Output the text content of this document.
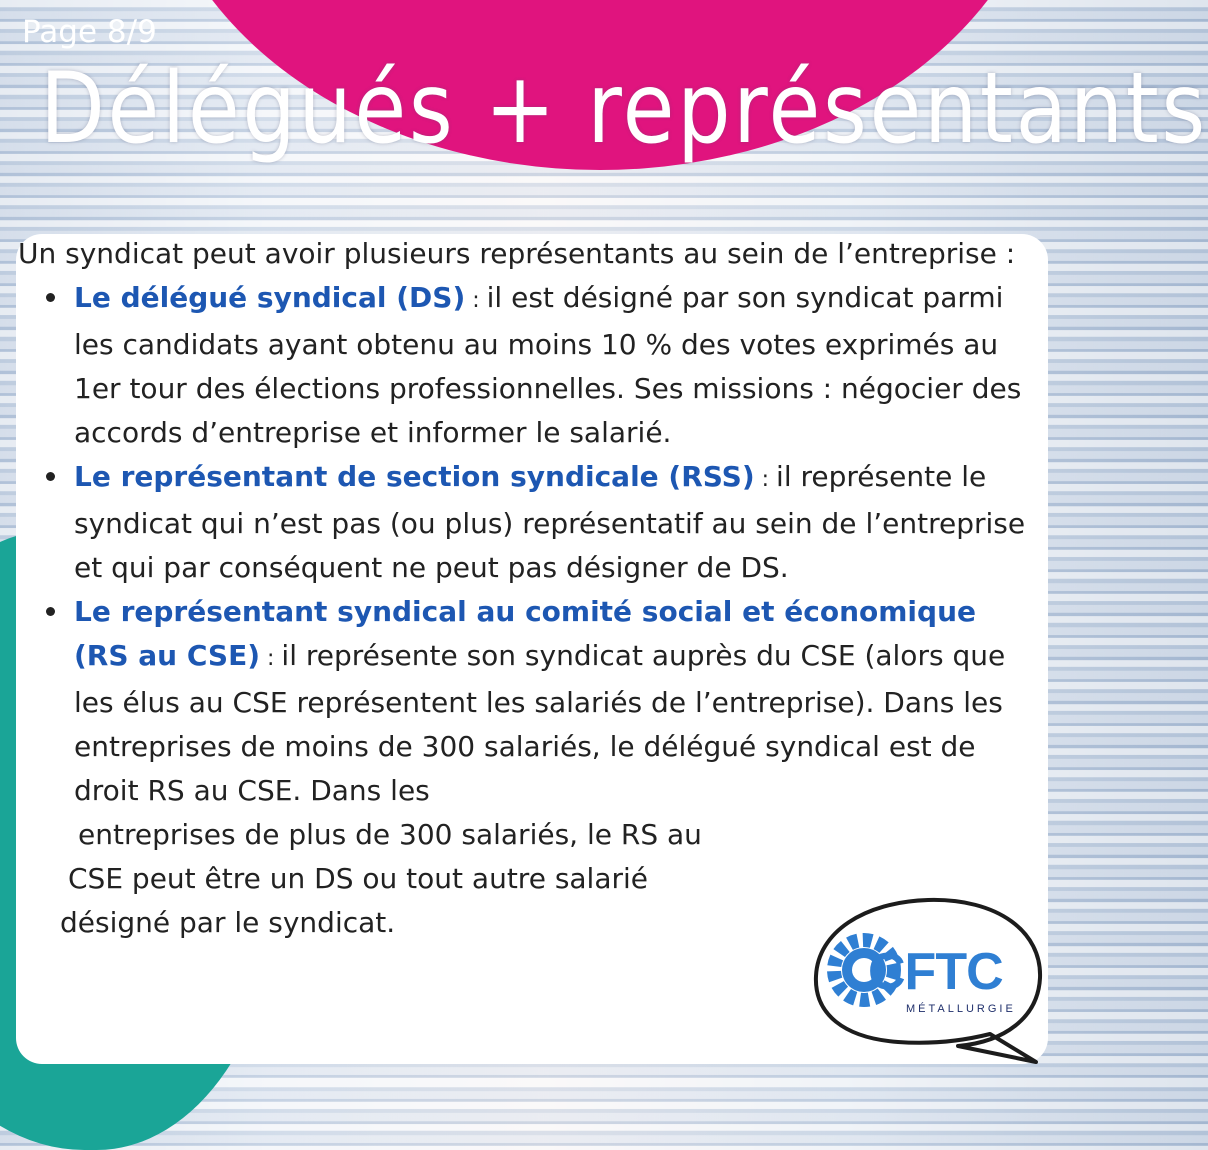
Page 8/9
Délégués + représentants

Un syndicat peut avoir plusieurs représentants au sein de l’entreprise :

Le délégué syndical (DS) : il est désigné par son syndicat parmi les candidats ayant obtenu au moins 10 % des votes exprimés au 1er tour des élections professionnelles. Ses missions : négocier des accords d’entreprise et informer le salarié.
Le représentant de section syndicale (RSS) : il représente le syndicat qui n’est pas (ou plus) représentatif au sein de l’entreprise et qui par conséquent ne peut pas désigner de DS.
Le représentant syndical au comité social et économique (RS au CSE) : il représente son syndicat auprès du CSE (alors que les élus au CSE représentent les salariés de l’entreprise). Dans les entreprises de moins de 300 salariés, le délégué syndical est de droit RS au CSE. Dans les
entreprises de plus de 300 salariés, le RS au
CSE peut être un DS ou tout autre salarié
désigné par le syndicat.
CFTC
MÉTALLURGIE
